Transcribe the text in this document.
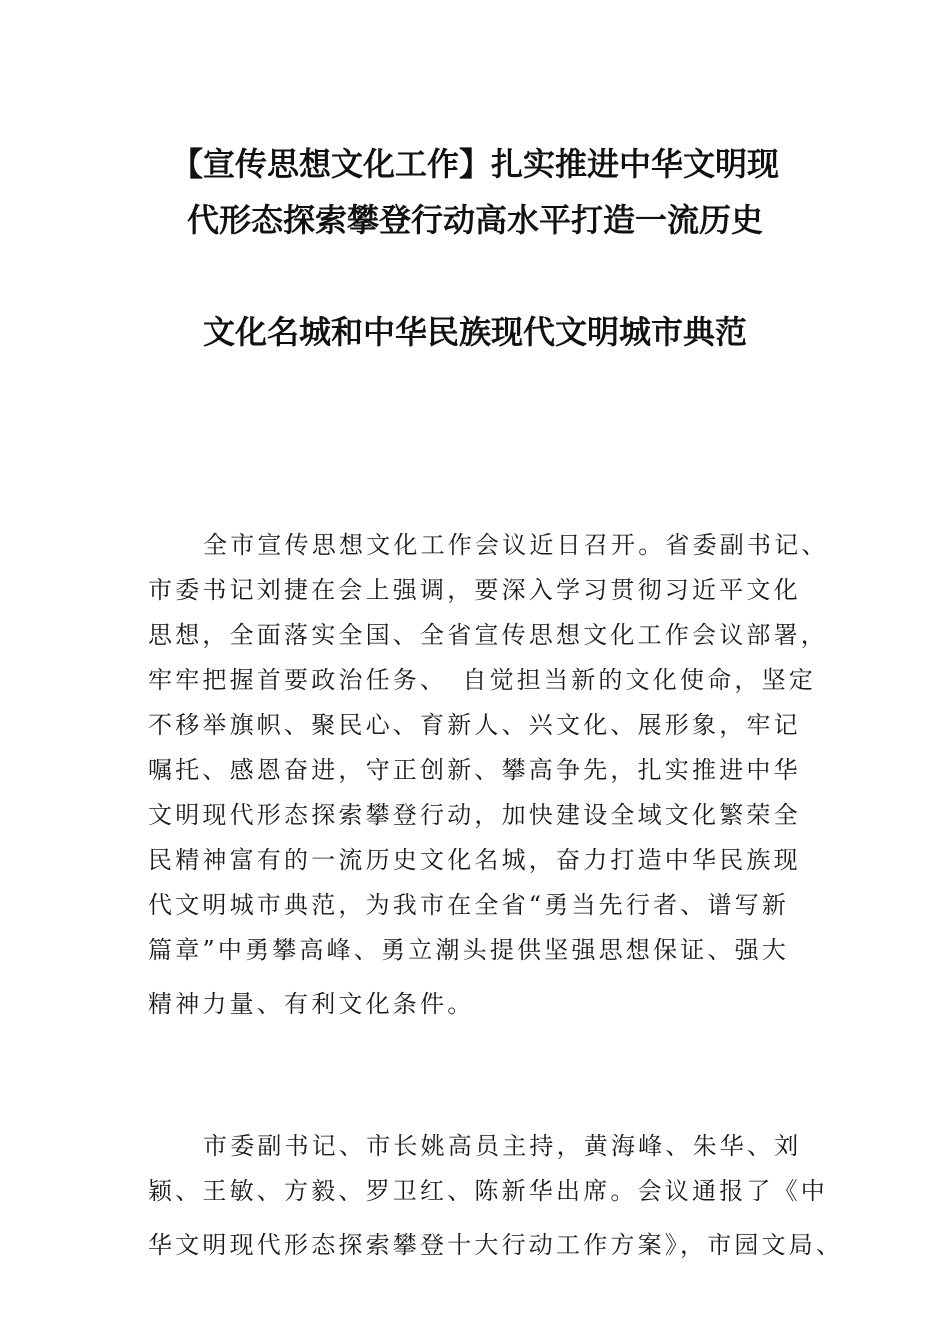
【宣传思想文化工作】扎实推进中华文明现
代形态探索攀登行动高水平打造一流历史
文化名城和中华民族现代文明城市典范
全市宣传思想文化工作会议近日召开。省委副书记、
市委书记刘捷在会上强调，要深入学习贯彻习近平文化
思想，全面落实全国、全省宣传思想文化工作会议部署，
牢牢把握首要政治任务、　自觉担当新的文化使命，坚定
不移举旗帜、聚民心、育新人、兴文化、展形象，牢记
嘱托、感恩奋进，守正创新、攀高争先，扎实推进中华
文明现代形态探索攀登行动，加快建设全域文化繁荣全
民精神富有的一流历史文化名城，奋力打造中华民族现
代文明城市典范，为我市在全省“勇当先行者、谱写新
篇章”中勇攀高峰、勇立潮头提供坚强思想保证、强大
精神力量、有利文化条件。
市委副书记、市长姚高员主持，黄海峰、朱华、刘
颖、王敏、方毅、罗卫红、陈新华出席。会议通报了《中
华文明现代形态探索攀登十大行动工作方案》，市园文局、
